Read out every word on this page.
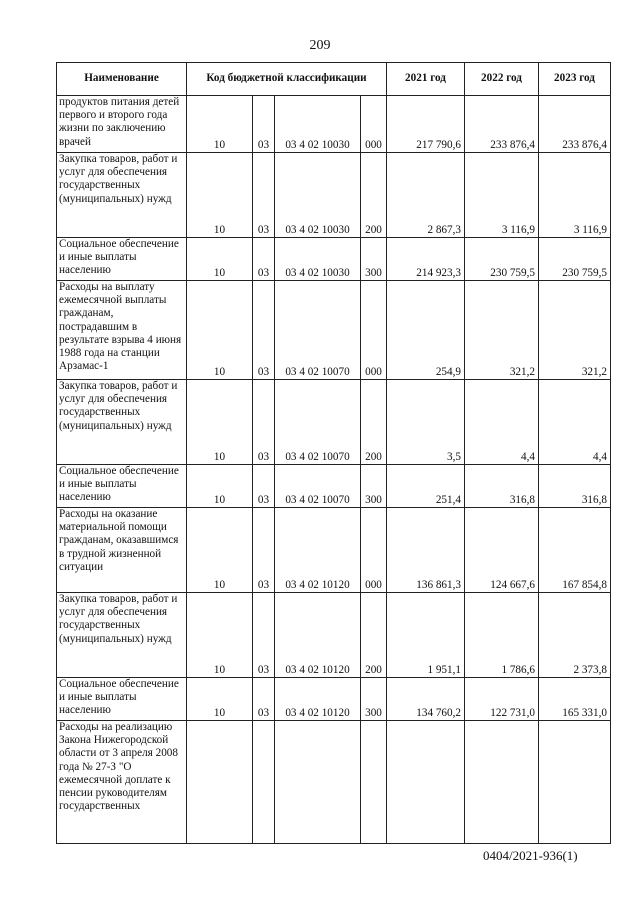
209
Наименование	Код бюджетной классификации				2021 год	2022 год	2023 год
продуктов питания детей первого и второго года жизни по заключению врачей	10	03	03 4 02 10030	000	217 790,6	233 876,4	233 876,4
Закупка товаров, работ и услуг для обеспечения государственных (муниципальных) нужд	10	03	03 4 02 10030	200	2 867,3	3 116,9	3 116,9
Социальное обеспечение и иные выплаты населению	10	03	03 4 02 10030	300	214 923,3	230 759,5	230 759,5
Расходы на выплату ежемесячной выплаты гражданам, пострадавшим в результате взрыва 4 июня 1988 года на станции Арзамас-1	10	03	03 4 02 10070	000	254,9	321,2	321,2
Закупка товаров, работ и услуг для обеспечения государственных (муниципальных) нужд	10	03	03 4 02 10070	200	3,5	4,4	4,4
Социальное обеспечение и иные выплаты населению	10	03	03 4 02 10070	300	251,4	316,8	316,8
Расходы на оказание материальной помощи гражданам, оказавшимся в трудной жизненной ситуации	10	03	03 4 02 10120	000	136 861,3	124 667,6	167 854,8
Закупка товаров, работ и услуг для обеспечения государственных (муниципальных) нужд	10	03	03 4 02 10120	200	1 951,1	1 786,6	2 373,8
Социальное обеспечение и иные выплаты населению	10	03	03 4 02 10120	300	134 760,2	122 731,0	165 331,0
Расходы на реализацию Закона Нижегородской области от 3 апреля 2008 года № 27-З "О ежемесячной доплате к пенсии руководителям государственных							
0404/2021-936(1)
